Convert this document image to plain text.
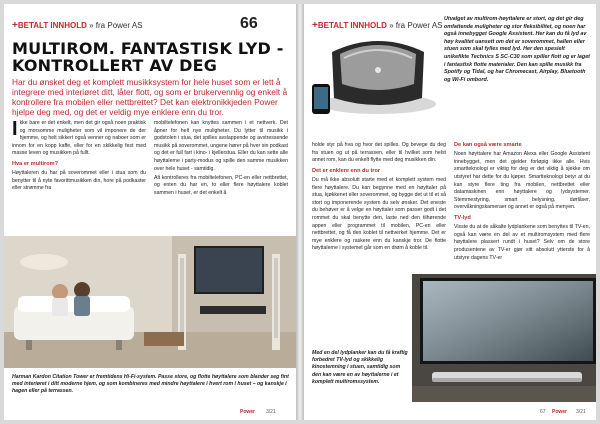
+BETALT INNHOLD » fra Power AS	66
MULTIROM. FANTASTISK LYD - KONTROLLERT AV DEG
Har du ønsket deg et komplett musikksystem for hele huset som er lett å integrere med interiøret ditt, låter flott, og som er brukervennlig og enkelt å kontrollere fra mobilen eller nettbrettet? Det kan elektronikkjeden Power hjelpe deg med, og det er veldig mye enklere enn du tror.

Ikke bare er det enkelt, men det gir også noen praktisk og morsomme muligheter som vil imponere de der hjemme, og helt sikkert også venner og naboer som er innom for en kopp kaffe, eller for en skikkelig fest med masse leven og musikken på fullt.

Hva er multirom?

Høyttaleren du har på soverommet eller i stua som du benytter til å nyte favorittmusikken din, hore på podkaster eller strømme fra

mobiltelefonen kan knyttes sammen i et nettverk. Det åpner for helt nye muligheter. Du lytter til musikk i godstolen i stua, det spilles avslappende og avstressende musikk på soverommet, ungene hører på hver sin podkast og det er full fart i kino- i kjellerstua. Eller du kan sette alle høyttalerne i party-modus og spille den samme musikken over hele huset - samtidig.

Alt kontrolleres fra mobiltelefonen, PC-en eller nettbrettet, og enten du har en, to eller flere høyttalere koblet sammen i huset, er det enkelt å

Harman Kardon Citation Tower er fremtidens Hi-Fi-system. Passe store, og flotte høyttalere som blander seg fint med interiøret i ditt moderne hjem, og som kombineres med mindre høyttalere i hvert rom i huset – og kanskje i hagen eller på terrassen.
Power 3/21
+BETALT INNHOLD » fra Power AS
Utvalget av multirom-høyttalere er stort, og det gir deg omfattende muligheter og stor fleksibilitet, og noen har også innebygget Google Assistent. Her kan du få lyd av høy kvalitet uansett om det er soverommet, hallen eller stuen som skal fylles med lyd. Her den spesielt unikefikte Technics S SC-C30 som spiller flott og er laget i fantastisk flotte materialer. Den kan spille musikk fra Spotify og Tidal, og har Chromecast, Airplay, Bluetooth og Wi-Fi ombord.

holde styr på hva og hvor det spilles. Og bevege du deg fra stuen og ut på terrassen, eller til hvilket som helst annet rom, kan du enkelt flytte med deg musikken din.

Det er enklere enn du tror

Du må ikke absolutt starte med et komplett system med flere høyttalere. Du kan begynne med en høyttaler på stua, kjøkkenet eller soverommet, og bygge det ut til et så stort og imponerende system du selv ønsker. Det eneste du behøver er å velge en høyttaler som passer godt i det rommet du skal benytte den, laste ned den tilhørende appen eller programmet til mobilen, PC-en eller nettbrettet, og få den koblet til nettverket hjemme. Det er mye enklere og raskere enn du kanskje tror. De flotte høyttalerne i systemet går som en drøm å koble til.

De kan også være smarte

Noen høyttalere har Amazon Alexa eller Google Assistent innebygget, men det gjelder forløpig ikke alle. Hvis smartteknologi er viktig for deg er det viktig å sjekke om utstyret har dette for du kjøper. Smartteknologi betyr at du kan styre flere ting fra mobilen, nettbrettet eller datamaskinen enn høyttalere og lydsystemer. Stemmestyring, smart belysning, dørlåser, overvåkningskameraer og annet er også på menyen.

TV-lyd

Visste du at de såkalte lydplankene som benyttes til TV-en, også kan være en del av et multiromsystem med flere høyttalere plassert rundt i huset? Selv om de store produsentene av TV-er gjør sitt absolutt ytterste for å utstyre dagens TV-er

Med en del lydplanker kan du få kraftig forbedret TV-lyd og skikkelig kinostemning i stuen, samtidig som den kan være en av høyttalerne i et komplett multiromssystem.
67 Power 3/21
